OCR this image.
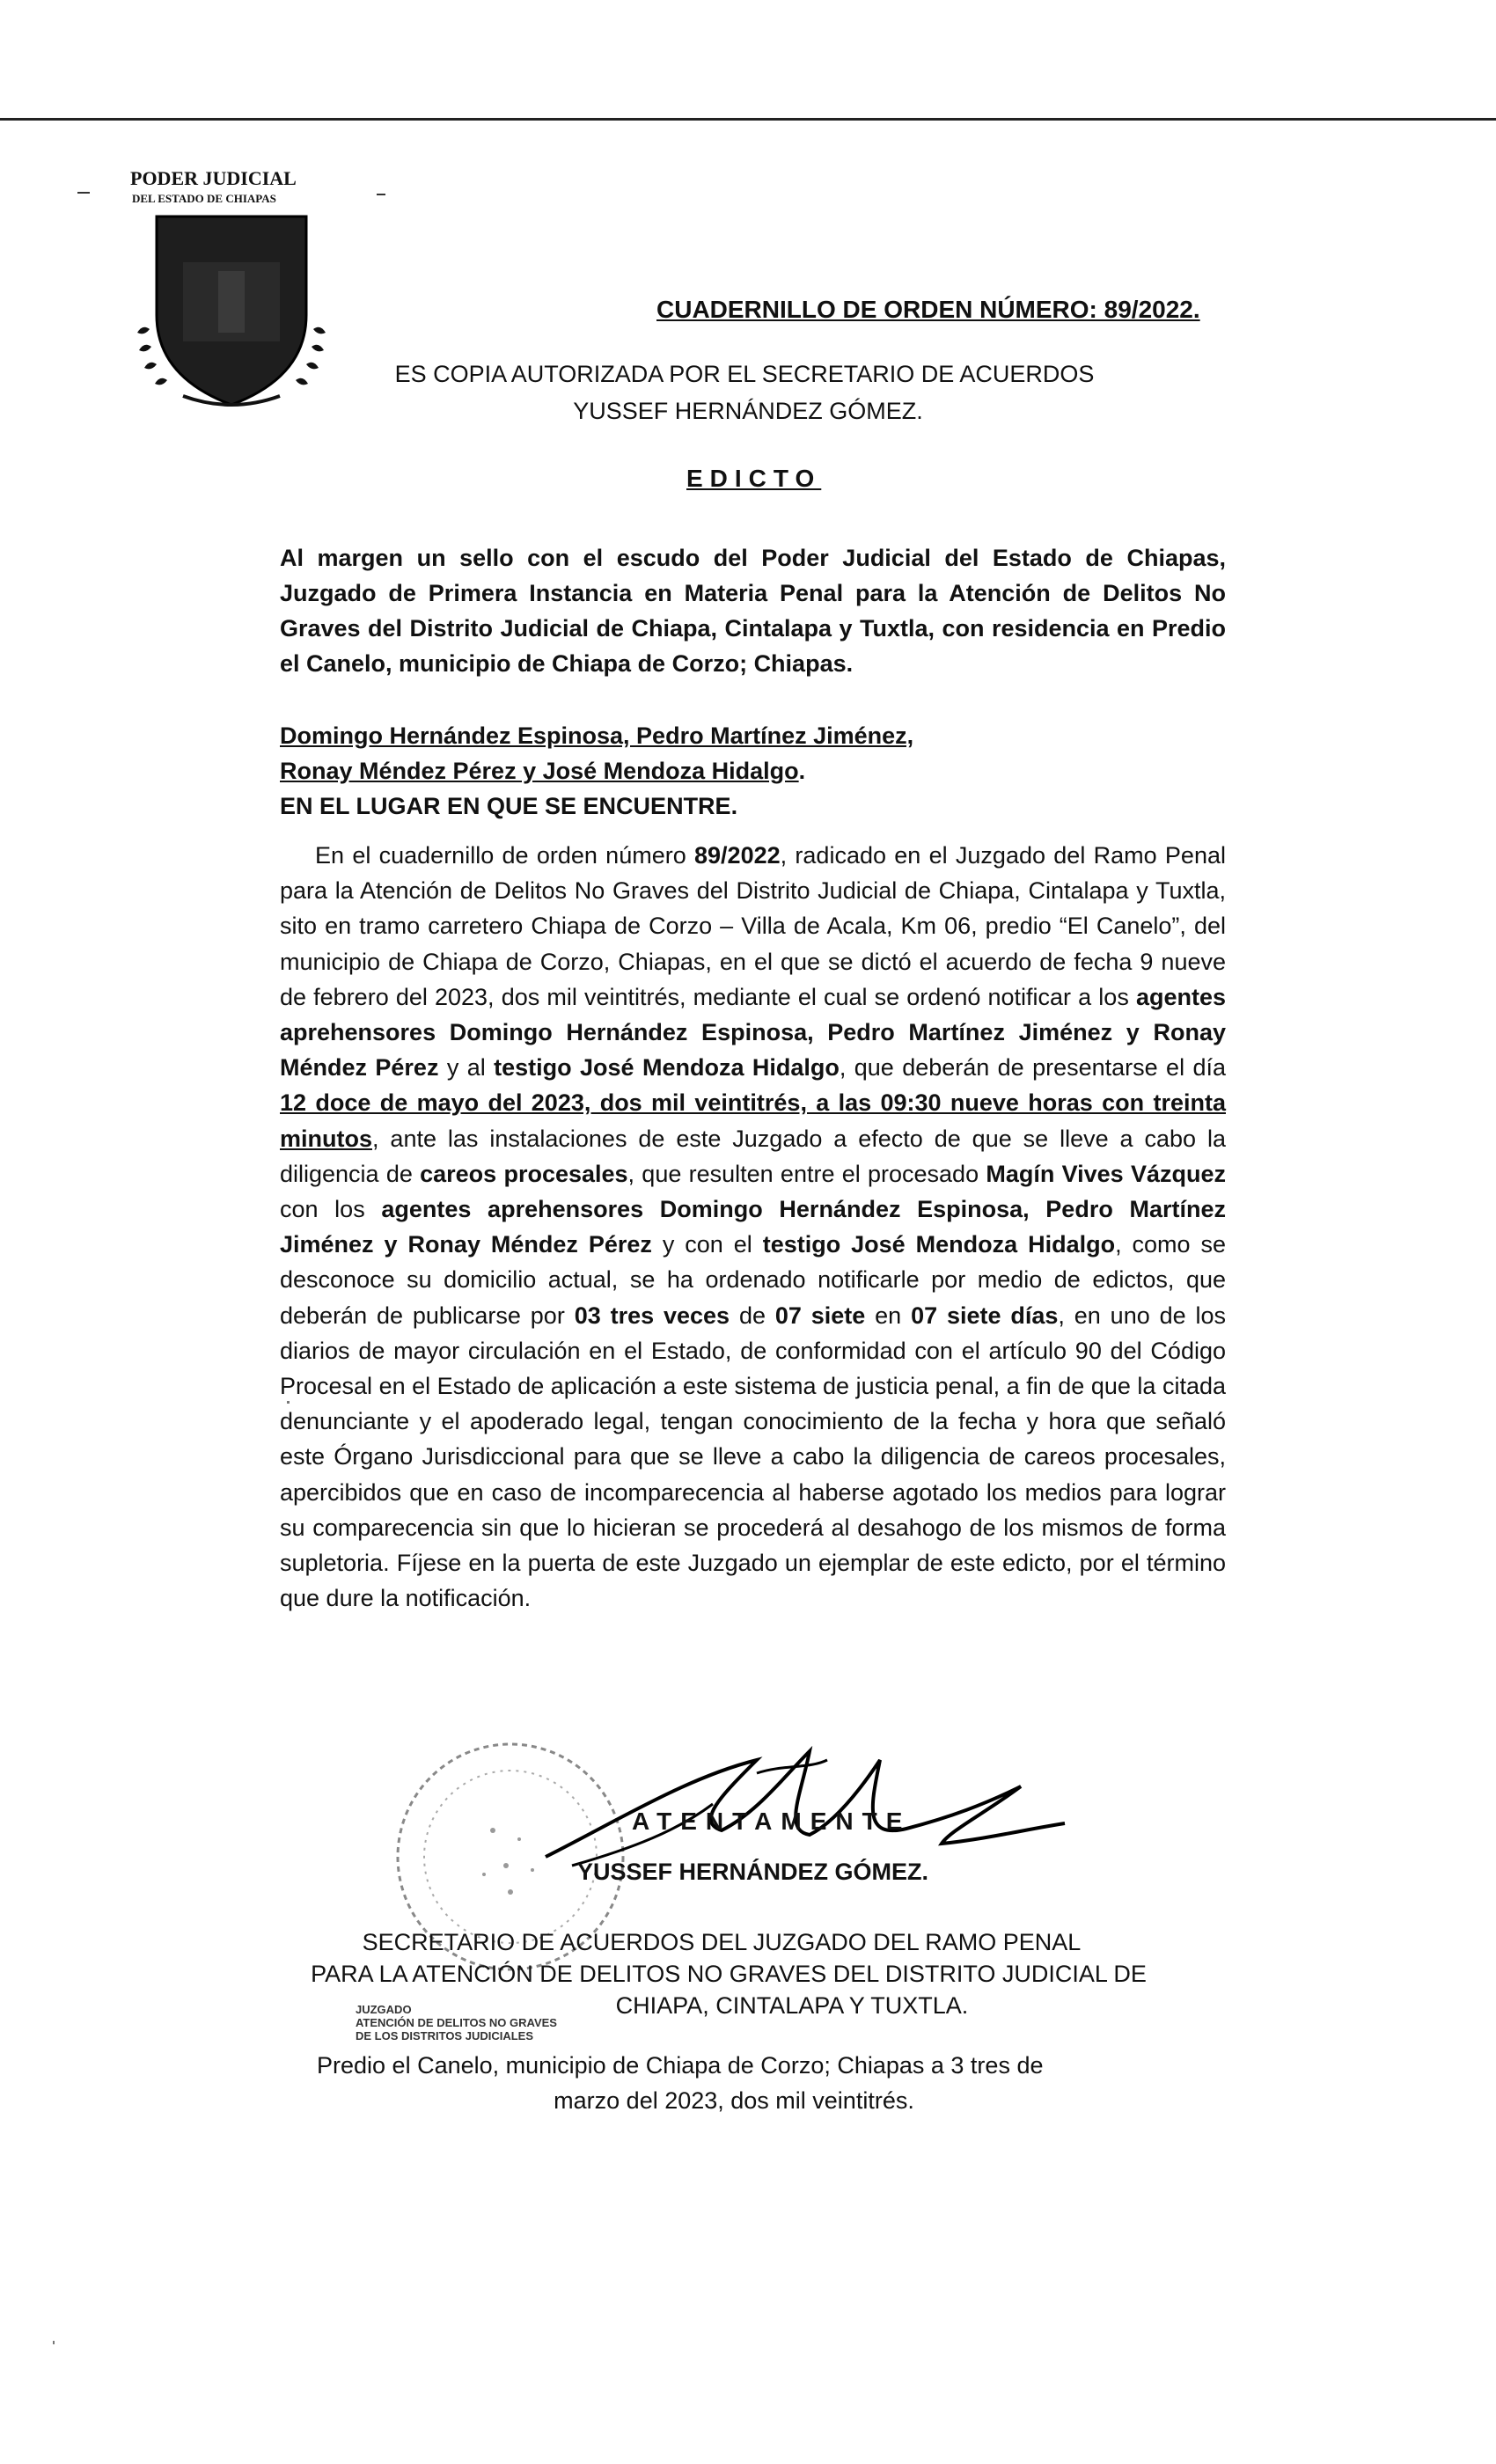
PODER JUDICIAL
DEL ESTADO DE CHIAPAS
CUADERNILLO DE ORDEN NÚMERO: 89/2022.
ES COPIA AUTORIZADA POR EL SECRETARIO DE ACUERDOS
YUSSEF HERNÁNDEZ GÓMEZ.
EDICTO
Al margen un sello con el escudo del Poder Judicial del Estado de Chiapas, Juzgado de Primera Instancia en Materia Penal para la Atención de Delitos No Graves del Distrito Judicial de Chiapa, Cintalapa y Tuxtla, con residencia en Predio el Canelo, municipio de Chiapa de Corzo; Chiapas.
Domingo Hernández Espinosa, Pedro Martínez Jiménez,
Ronay Méndez Pérez y José Mendoza Hidalgo.
EN EL LUGAR EN QUE SE ENCUENTRE.
En el cuadernillo de orden número 89/2022, radicado en el Juzgado del Ramo Penal para la Atención de Delitos No Graves del Distrito Judicial de Chiapa, Cintalapa y Tuxtla, sito en tramo carretero Chiapa de Corzo – Villa de Acala, Km 06, predio “El Canelo”, del municipio de Chiapa de Corzo, Chiapas, en el que se dictó el acuerdo de fecha 9 nueve de febrero del 2023, dos mil veintitrés, mediante el cual se ordenó notificar a los agentes aprehensores Domingo Hernández Espinosa, Pedro Martínez Jiménez y Ronay Méndez Pérez y al testigo José Mendoza Hidalgo, que deberán de presentarse el día 12 doce de mayo del 2023, dos mil veintitrés, a las 09:30 nueve horas con treinta minutos, ante las instalaciones de este Juzgado a efecto de que se lleve a cabo la diligencia de careos procesales, que resulten entre el procesado Magín Vives Vázquez con los agentes aprehensores Domingo Hernández Espinosa, Pedro Martínez Jiménez y Ronay Méndez Pérez y con el testigo José Mendoza Hidalgo, como se desconoce su domicilio actual, se ha ordenado notificarle por medio de edictos, que deberán de publicarse por 03 tres veces de 07 siete en 07 siete días, en uno de los diarios de mayor circulación en el Estado, de conformidad con el artículo 90 del Código Procesal en el Estado de aplicación a este sistema de justicia penal, a fin de que la citada denunciante y el apoderado legal, tengan conocimiento de la fecha y hora que señaló este Órgano Jurisdiccional para que se lleve a cabo la diligencia de careos procesales, apercibidos que en caso de incomparecencia al haberse agotado los medios para lograr su comparecencia sin que lo hicieran se procederá al desahogo de los mismos de forma supletoria. Fíjese en la puerta de este Juzgado un ejemplar de este edicto, por el término que dure la notificación.
ATENTAMENTE
YUSSEF HERNÁNDEZ GÓMEZ.
SECRETARIO DE ACUERDOS DEL JUZGADO DEL RAMO PENAL
PARA LA ATENCIÓN DE DELITOS NO GRAVES DEL DISTRITO JUDICIAL DE
CHIAPA, CINTALAPA Y TUXTLA.
JUZGADO
ATENCIÓN DE DELITOS NO GRAVES
DE LOS DISTRITOS JUDICIALES
Predio el Canelo, municipio de Chiapa de Corzo; Chiapas a 3 tres de
marzo del 2023, dos mil veintitrés.
